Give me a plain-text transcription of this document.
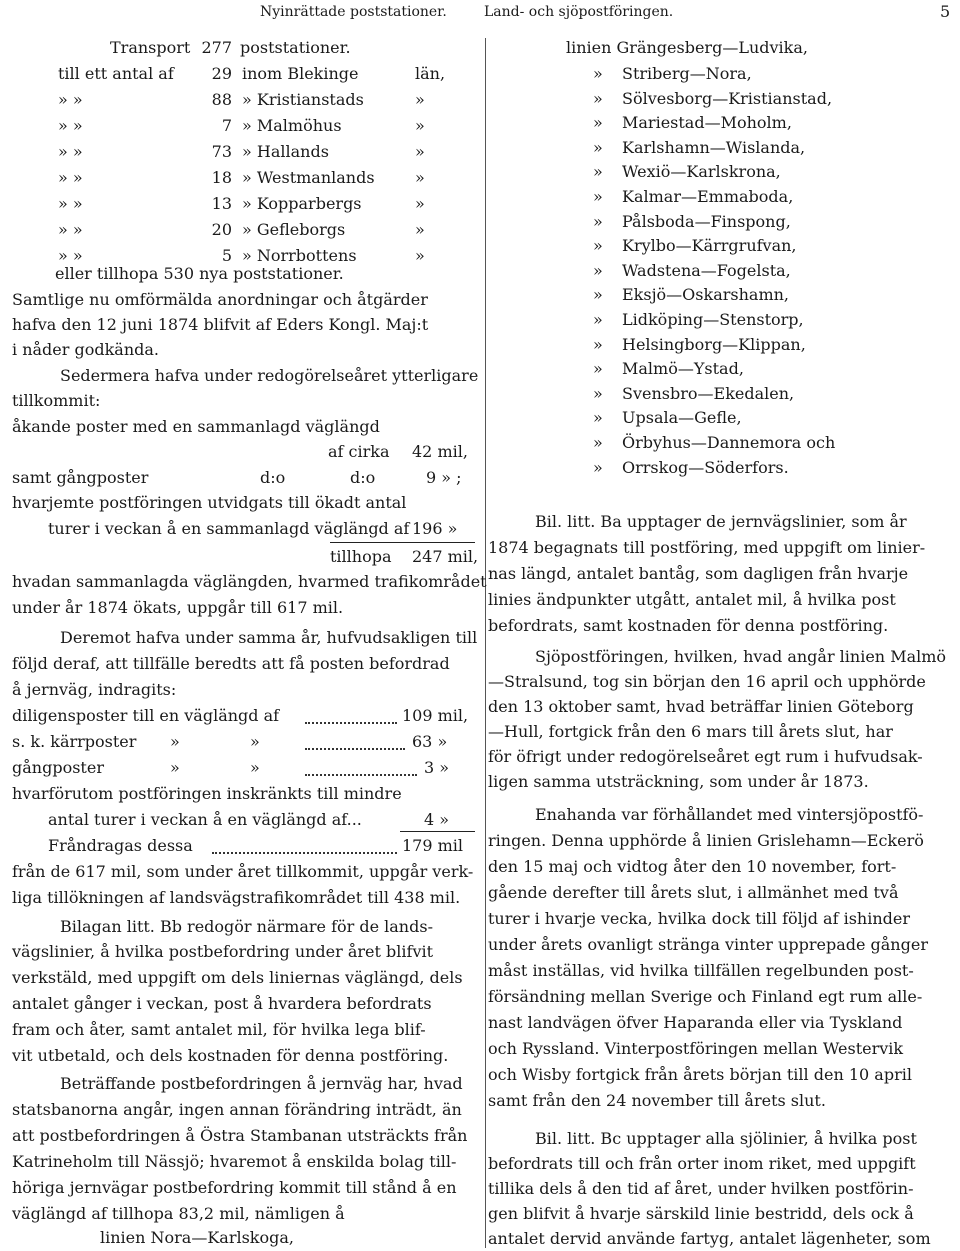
Nyinrättade poststationer.	Land- och sjöpostföringen.	5
Transport 277 poststationer.
till ett antal af	29 inom Blekinge	län,
» »	88 » Kristianstads	»
» »	7 » Malmöhus	»
» »	73 » Hallands	»
» »	18 » Westmanlands	»
» »	13 » Kopparbergs	»
» »	20 » Gefleborgs	»
» »	5 » Norrbottens	»
eller tillhopa 530 nya poststationer.
Samtlige nu omförmälda anordningar och åtgärder
hafva den 12 juni 1874 blifvit af Eders Kongl. Maj:t
i nåder godkända.
Sedermera hafva under redogörelseåret ytterligare
tillkommit:
åkande poster med en sammanlagd väglängd
af cirka 42 mil,
samt gångposter	d:o	d:o	9 » ;
hvarjemte postföringen utvidgats till ökadt antal
turer i veckan å en sammanlagd väglängd af 196 »
tillhopa 247 mil,
hvadan sammanlagda väglängden, hvarmed trafikområdet
under år 1874 ökats, uppgår till 617 mil.
Deremot hafva under samma år, hufvudsakligen till
följd deraf, att tillfälle beredts att få posten befordrad
å jernväg, indragits:
diligensposter till en väglängd af	109 mil,
s. k. kärrposter »	»	63 »
gångposter	»	»	3 »
hvarförutom postföringen inskränkts till mindre
antal turer i veckan å en väglängd af...	4 »
Fråndragas dessa	179 mil
från de 617 mil, som under året tillkommit, uppgår verk-
liga tillökningen af landsvägstrafikområdet till 438 mil.
Bilagan litt. Bb redogör närmare för de lands-
vägslinier, å hvilka postbefordring under året blifvit
verkstäld, med uppgift om dels liniernas väglängd, dels
antalet gånger i veckan, post å hvardera befordrats
fram och åter, samt antalet mil, för hvilka lega blif-
vit utbetald, och dels kostnaden för denna postföring.
Beträffande postbefordringen å jernväg har, hvad
statsbanorna angår, ingen annan förändring inträdt, än
att postbefordringen å Östra Stambanan utsträckts från
Katrineholm till Nässjö; hvaremot å enskilda bolag till-
höriga jernvägar postbefordring kommit till stånd å en
väglängd af tillhopa 83,2 mil, nämligen å
linien Nora—Karlskoga,
linien Grängesberg—Ludvika,
» Striberg—Nora,
» Sölvesborg—Kristianstad,
» Mariestad—Moholm,
» Karlshamn—Wislanda,
» Wexiö—Karlskrona,
» Kalmar—Emmaboda,
» Pålsboda—Finspong,
» Krylbo—Kärrgrufvan,
» Wadstena—Fogelsta,
» Eksjö—Oskarshamn,
» Lidköping—Stenstorp,
» Helsingborg—Klippan,
» Malmö—Ystad,
» Svensbro—Ekedalen,
» Upsala—Gefle,
» Örbyhus—Dannemora och
» Orrskog—Söderfors.
Bil. litt. Ba upptager de jernvägslinier, som år
1874 begagnats till postföring, med uppgift om linier-
nas längd, antalet bantåg, som dagligen från hvarje
linies ändpunkter utgått, antalet mil, å hvilka post
befordrats, samt kostnaden för denna postföring.
Sjöpostföringen, hvilken, hvad angår linien Malmö
—Stralsund, tog sin början den 16 april och upphörde
den 13 oktober samt, hvad beträffar linien Göteborg
—Hull, fortgick från den 6 mars till årets slut, har
för öfrigt under redogörelseåret egt rum i hufvudsak-
ligen samma utsträckning, som under år 1873.
Enahanda var förhållandet med vintersjöpostfö-
ringen. Denna upphörde å linien Grislehamn—Eckerö
den 15 maj och vidtog åter den 10 november, fort-
gående derefter till årets slut, i allmänhet med två
turer i hvarje vecka, hvilka dock till följd af ishinder
under årets ovanligt stränga vinter upprepade gånger
måst inställas, vid hvilka tillfällen regelbunden post-
försändning mellan Sverige och Finland egt rum alle-
nast landvägen öfver Haparanda eller via Tyskland
och Ryssland. Vinterpostföringen mellan Westervik
och Wisby fortgick från årets början till den 10 april
samt från den 24 november till årets slut.
Bil. litt. Bc upptager alla sjölinier, å hvilka post
befordrats till och från orter inom riket, med uppgift
tillika dels å den tid af året, under hvilken postförin-
gen blifvit å hvarje särskild linie bestridd, dels ock å
antalet dervid använde fartyg, antalet lägenheter, som
